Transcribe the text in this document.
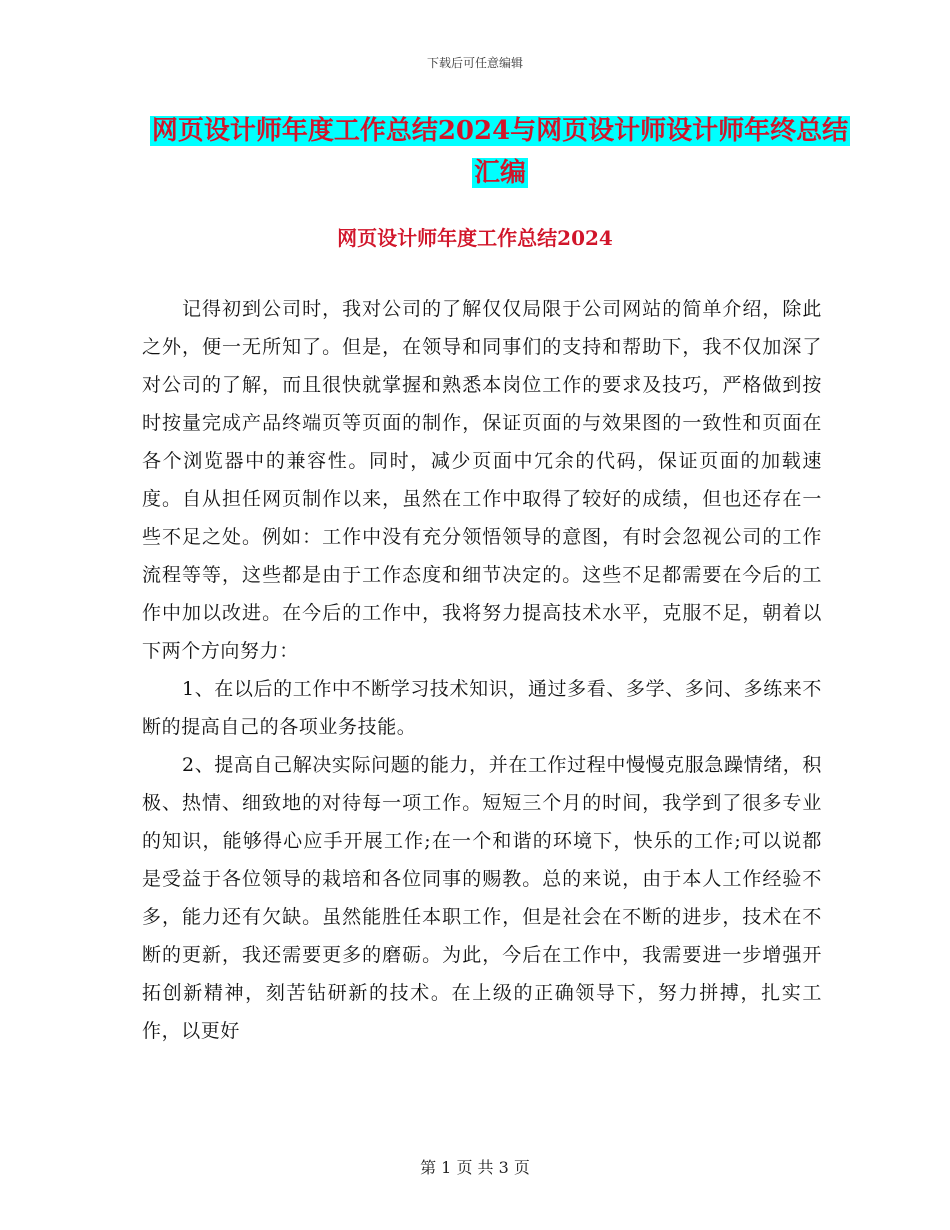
下载后可任意编辑
网页设计师年度工作总结2024与网页设计师设计师年终总结汇编
网页设计师年度工作总结2024

记得初到公司时，我对公司的了解仅仅局限于公司网站的简单介绍，除此之外，便一无所知了。但是，在领导和同事们的支持和帮助下，我不仅加深了对公司的了解，而且很快就掌握和熟悉本岗位工作的要求及技巧，严格做到按时按量完成产品终端页等页面的制作，保证页面的与效果图的一致性和页面在各个浏览器中的兼容性。同时，减少页面中冗余的代码，保证页面的加载速度。自从担任网页制作以来，虽然在工作中取得了较好的成绩，但也还存在一些不足之处。例如：工作中没有充分领悟领导的意图，有时会忽视公司的工作流程等等，这些都是由于工作态度和细节决定的。这些不足都需要在今后的工作中加以改进。在今后的工作中，我将努力提高技术水平，克服不足，朝着以下两个方向努力：

1、在以后的工作中不断学习技术知识，通过多看、多学、多问、多练来不断的提高自己的各项业务技能。

2、提高自己解决实际问题的能力，并在工作过程中慢慢克服急躁情绪，积极、热情、细致地的对待每一项工作。短短三个月的时间，我学到了很多专业的知识，能够得心应手开展工作;在一个和谐的环境下，快乐的工作;可以说都是受益于各位领导的栽培和各位同事的赐教。总的来说，由于本人工作经验不多，能力还有欠缺。虽然能胜任本职工作，但是社会在不断的进步，技术在不断的更新，我还需要更多的磨砺。为此，今后在工作中，我需要进一步增强开拓创新精神，刻苦钻研新的技术。在上级的正确领导下，努力拼搏，扎实工作，以更好

第 1 页 共 3 页
